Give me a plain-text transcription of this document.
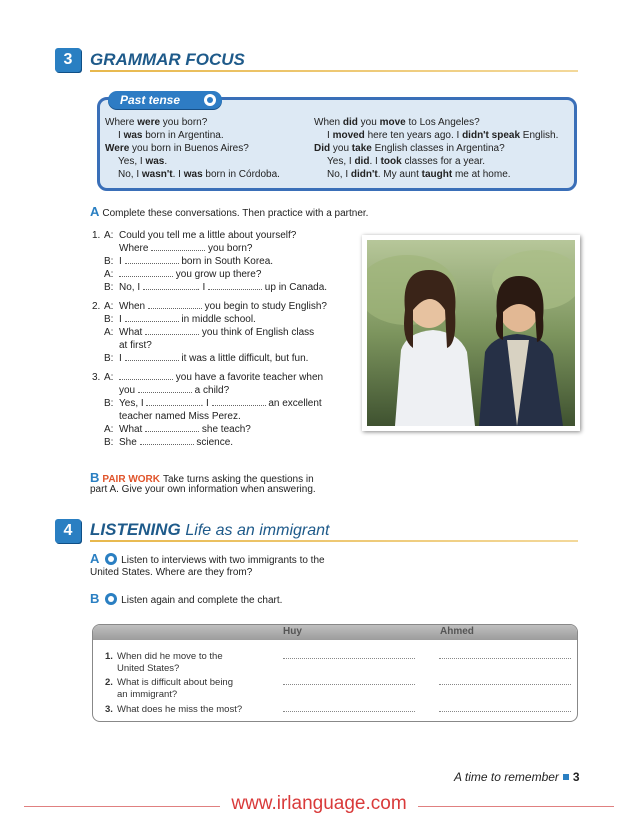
3	GRAMMAR FOCUS
Past tense
Where were you born?
I was born in Argentina.
Were you born in Buenos Aires?
Yes, I was.
No, I wasn't. I was born in Córdoba.
When did you move to Los Angeles?
I moved here ten years ago. I didn't speak English.
Did you take English classes in Argentina?
Yes, I did. I took classes for a year.
No, I didn't. My aunt taught me at home.
A Complete these conversations. Then practice with a partner.
1. A: Could you tell me a little about yourself?
Where	you born?
B: I	born in South Korea.
A:	you grow up there?
B: No, I	. I	up in Canada.
2. A: When	you begin to study English?
B: I	in middle school.
A: What	you think of English class
at first?
B: I	it was a little difficult, but fun.
3. A:	you have a favorite teacher when
you	a child?
B: Yes, I	. I	an excellent
teacher named Miss Perez.
A: What	she teach?
B: She	science.
B PAIR WORK Take turns asking the questions in
part A. Give your own information when answering.
4	LISTENING Life as an immigrant
A Listen to interviews with two immigrants to the
United States. Where are they from?
B Listen again and complete the chart.
Huy	Ahmed
1. When did he move to the
United States?
2. What is difficult about being
an immigrant?
3. What does he miss the most?
A time to remember 3
www.irlanguage.com
